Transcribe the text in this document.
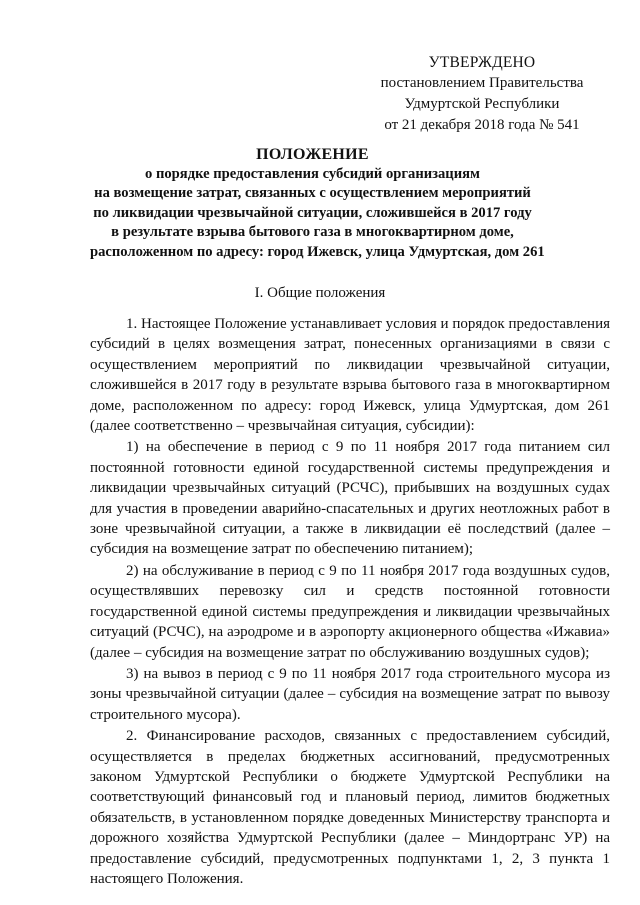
УТВЕРЖДЕНО
постановлением Правительства
Удмуртской Республики
от 21 декабря 2018 года № 541
ПОЛОЖЕНИЕ
о порядке предоставления субсидий организациям
на возмещение затрат, связанных с осуществлением мероприятий
по ликвидации чрезвычайной ситуации, сложившейся в 2017 году
в результате взрыва бытового газа в многоквартирном доме,
расположенном по адресу: город Ижевск, улица Удмуртская, дом 261
I. Общие положения

1. Настоящее Положение устанавливает условия и порядок предоставления субсидий в целях возмещения затрат, понесенных организациями в связи с осуществлением мероприятий по ликвидации чрезвычайной ситуации, сложившейся в 2017 году в результате взрыва бытового газа в многоквартирном доме, расположенном по адресу: город Ижевск, улица Удмуртская, дом 261 (далее соответственно – чрезвычайная ситуация, субсидии):

1) на обеспечение в период с 9 по 11 ноября 2017 года питанием сил постоянной готовности единой государственной системы предупреждения и ликвидации чрезвычайных ситуаций (РСЧС), прибывших на воздушных судах для участия в проведении аварийно-спасательных и других неотложных работ в зоне чрезвычайной ситуации, а также в ликвидации её последствий (далее – субсидия на возмещение затрат по обеспечению питанием);

2) на обслуживание в период с 9 по 11 ноября 2017 года воздушных судов, осуществлявших перевозку сил и средств постоянной готовности государственной единой системы предупреждения и ликвидации чрезвычайных ситуаций (РСЧС), на аэродроме и в аэропорту акционерного общества «Ижавиа» (далее – субсидия на возмещение затрат по обслуживанию воздушных судов);

3) на вывоз в период с 9 по 11 ноября 2017 года строительного мусора из зоны чрезвычайной ситуации (далее – субсидия на возмещение затрат по вывозу строительного мусора).

2. Финансирование расходов, связанных с предоставлением субсидий, осуществляется в пределах бюджетных ассигнований, предусмотренных законом Удмуртской Республики о бюджете Удмуртской Республики на соответствующий финансовый год и плановый период, лимитов бюджетных обязательств, в установленном порядке доведенных Министерству транспорта и дорожного хозяйства Удмуртской Республики (далее – Миндортранс УР) на предоставление субсидий, предусмотренных подпунктами 1, 2, 3 пункта 1 настоящего Положения.
